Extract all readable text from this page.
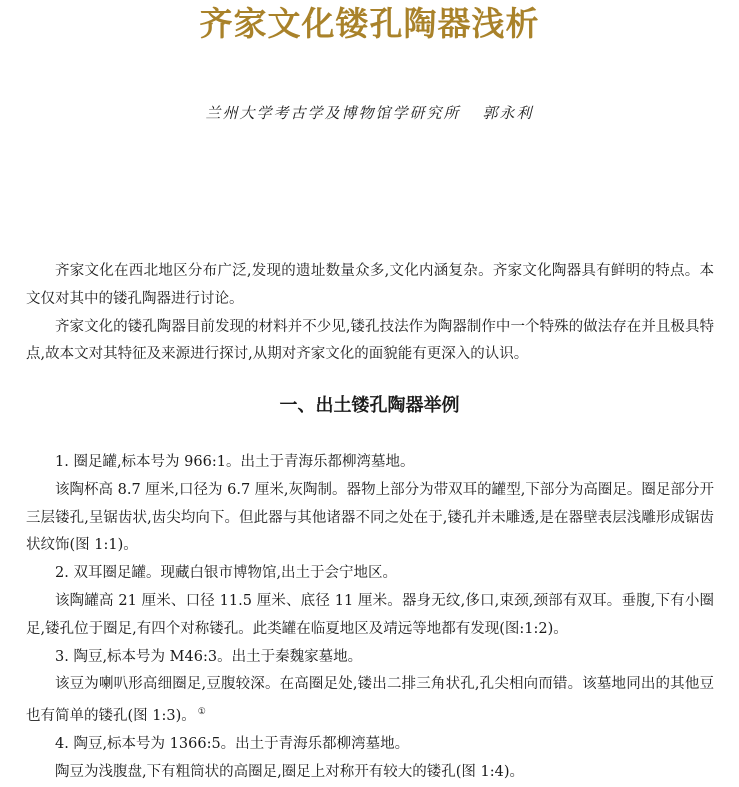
齐家文化镂孔陶器浅析
兰州大学考古学及博物馆学研究所 郭永利

齐家文化在西北地区分布广泛,发现的遗址数量众多,文化内涵复杂。齐家文化陶器具有鲜明的特点。本文仅对其中的镂孔陶器进行讨论。

齐家文化的镂孔陶器目前发现的材料并不少见,镂孔技法作为陶器制作中一个特殊的做法存在并且极具特点,故本文对其特征及来源进行探讨,从期对齐家文化的面貌能有更深入的认识。

一、出土镂孔陶器举例

1. 圈足罐,标本号为 966:1。出土于青海乐都柳湾墓地。

该陶杯高 8.7 厘米,口径为 6.7 厘米,灰陶制。器物上部分为带双耳的罐型,下部分为高圈足。圈足部分开三层镂孔,呈锯齿状,齿尖均向下。但此器与其他诸器不同之处在于,镂孔并未雕透,是在器壁表层浅雕形成锯齿状纹饰(图 1:1)。

2. 双耳圈足罐。现藏白银市博物馆,出土于会宁地区。

该陶罐高 21 厘米、口径 11.5 厘米、底径 11 厘米。器身无纹,侈口,束颈,颈部有双耳。垂腹,下有小圈足,镂孔位于圈足,有四个对称镂孔。此类罐在临夏地区及靖远等地都有发现(图:1:2)。

3. 陶豆,标本号为 M46:3。出土于秦魏家墓地。

该豆为喇叭形高细圈足,豆腹较深。在高圈足处,镂出二排三角状孔,孔尖相向而错。该墓地同出的其他豆也有简单的镂孔(图 1:3)。 ①

4. 陶豆,标本号为 1366:5。出土于青海乐都柳湾墓地。

陶豆为浅腹盘,下有粗筒状的高圈足,圈足上对称开有较大的镂孔(图 1:4)。
